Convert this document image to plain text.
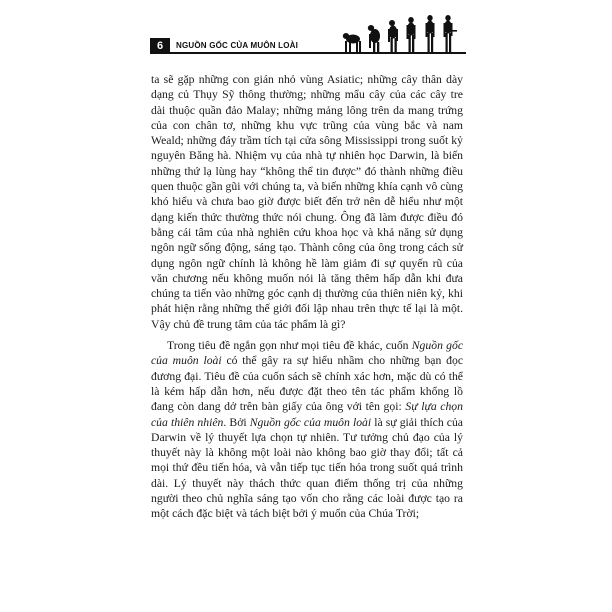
6	NGUỒN GỐC CỦA MUÔN LOÀI

ta sẽ gặp những con gián nhỏ vùng Asiatic; những cây thân dày dạng củ Thụy Sỹ thông thường; những mẩu cây của các cây tre dài thuộc quần đảo Malay; những mảng lông trên da mang trứng của con chân tơ, những khu vực trũng của vùng bắc và nam Weald; những đáy trầm tích tại cửa sông Mississippi trong suốt kỷ nguyên Băng hà. Nhiệm vụ của nhà tự nhiên học Darwin, là biến những thứ lạ lùng hay “không thể tin được” đó thành những điều quen thuộc gần gũi với chúng ta, và biến những khía cạnh vô cùng khó hiểu và chưa bao giờ được biết đến trở nên dễ hiểu như một dạng kiến thức thường thức nói chung. Ông đã làm được điều đó bằng cái tâm của nhà nghiên cứu khoa học và khả năng sử dụng ngôn ngữ sống động, sáng tạo. Thành công của ông trong cách sử dụng ngôn ngữ chính là không hề làm giảm đi sự quyến rũ của văn chương nếu không muốn nói là tăng thêm hấp dẫn khi đưa chúng ta tiến vào những góc cạnh dị thường của thiên niên kỷ, khi phát hiện rằng những thế giới đối lập nhau trên thực tế lại là một. Vậy chủ đề trung tâm của tác phẩm là gì?

Trong tiêu đề ngắn gọn như mọi tiêu đề khác, cuốn Nguồn gốc của muôn loài có thể gây ra sự hiểu nhầm cho những bạn đọc đương đại. Tiêu đề của cuốn sách sẽ chính xác hơn, mặc dù có thể là kém hấp dẫn hơn, nếu được đặt theo tên tác phẩm khổng lồ đang còn dang dở trên bàn giấy của ông với tên gọi: Sự lựa chọn của thiên nhiên. Bởi Nguồn gốc của muôn loài là sự giải thích của Darwin về lý thuyết lựa chọn tự nhiên. Tư tưởng chủ đạo của lý thuyết này là không một loài nào không bao giờ thay đổi; tất cả mọi thứ đều tiến hóa, và vẫn tiếp tục tiến hóa trong suốt quá trình dài. Lý thuyết này thách thức quan điểm thống trị của những người theo chủ nghĩa sáng tạo vốn cho rằng các loài được tạo ra một cách đặc biệt và tách biệt bởi ý muốn của Chúa Trời;
